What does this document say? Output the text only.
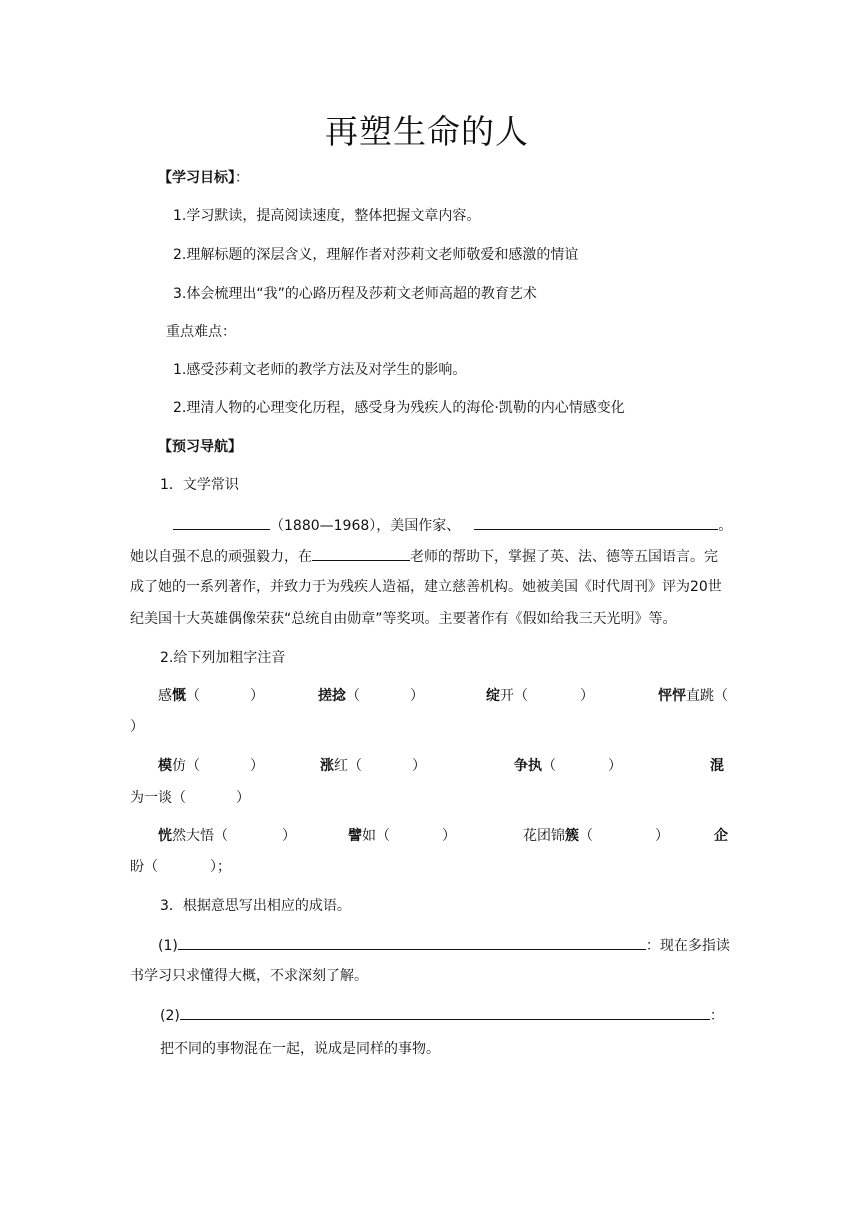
再塑生命的人
【学习目标】：
1.学习默读，提高阅读速度，整体把握文章内容。
2.理解标题的深层含义，理解作者对莎莉文老师敬爱和感激的情谊
3.体会梳理出“我”的心路历程及莎莉文老师高超的教育艺术
重点难点：
1.感受莎莉文老师的教学方法及对学生的影响。
2.理清人物的心理变化历程，感受身为残疾人的海伦·凯勒的内心情感变化
【预习导航】
1．文学常识
（1880—1968），美国作家、	。
她以自强不息的顽强毅力，在	老师的帮助下，掌握了英、法、德等五国语言。完
成了她的一系列著作，并致力于为残疾人造福，建立慈善机构。她被美国《时代周刊》评为20世
纪美国十大英雄偶像荣获“总统自由勋章”等奖项。主要著作有《假如给我三天光明》等。
2.给下列加粗字注音
感慨（	）	搓捻（	）	绽开（	）	怦怦直跳（
）
模仿（	）	涨红（	）	争执（	）	混
为一谈（	）
恍然大悟（	）	譬如（	）	花团锦簇（	）	企
盼（	）；
3．根据意思写出相应的成语。
(1)	：现在多指读
书学习只求懂得大概，不求深刻了解。
(2)	：
把不同的事物混在一起，说成是同样的事物。
